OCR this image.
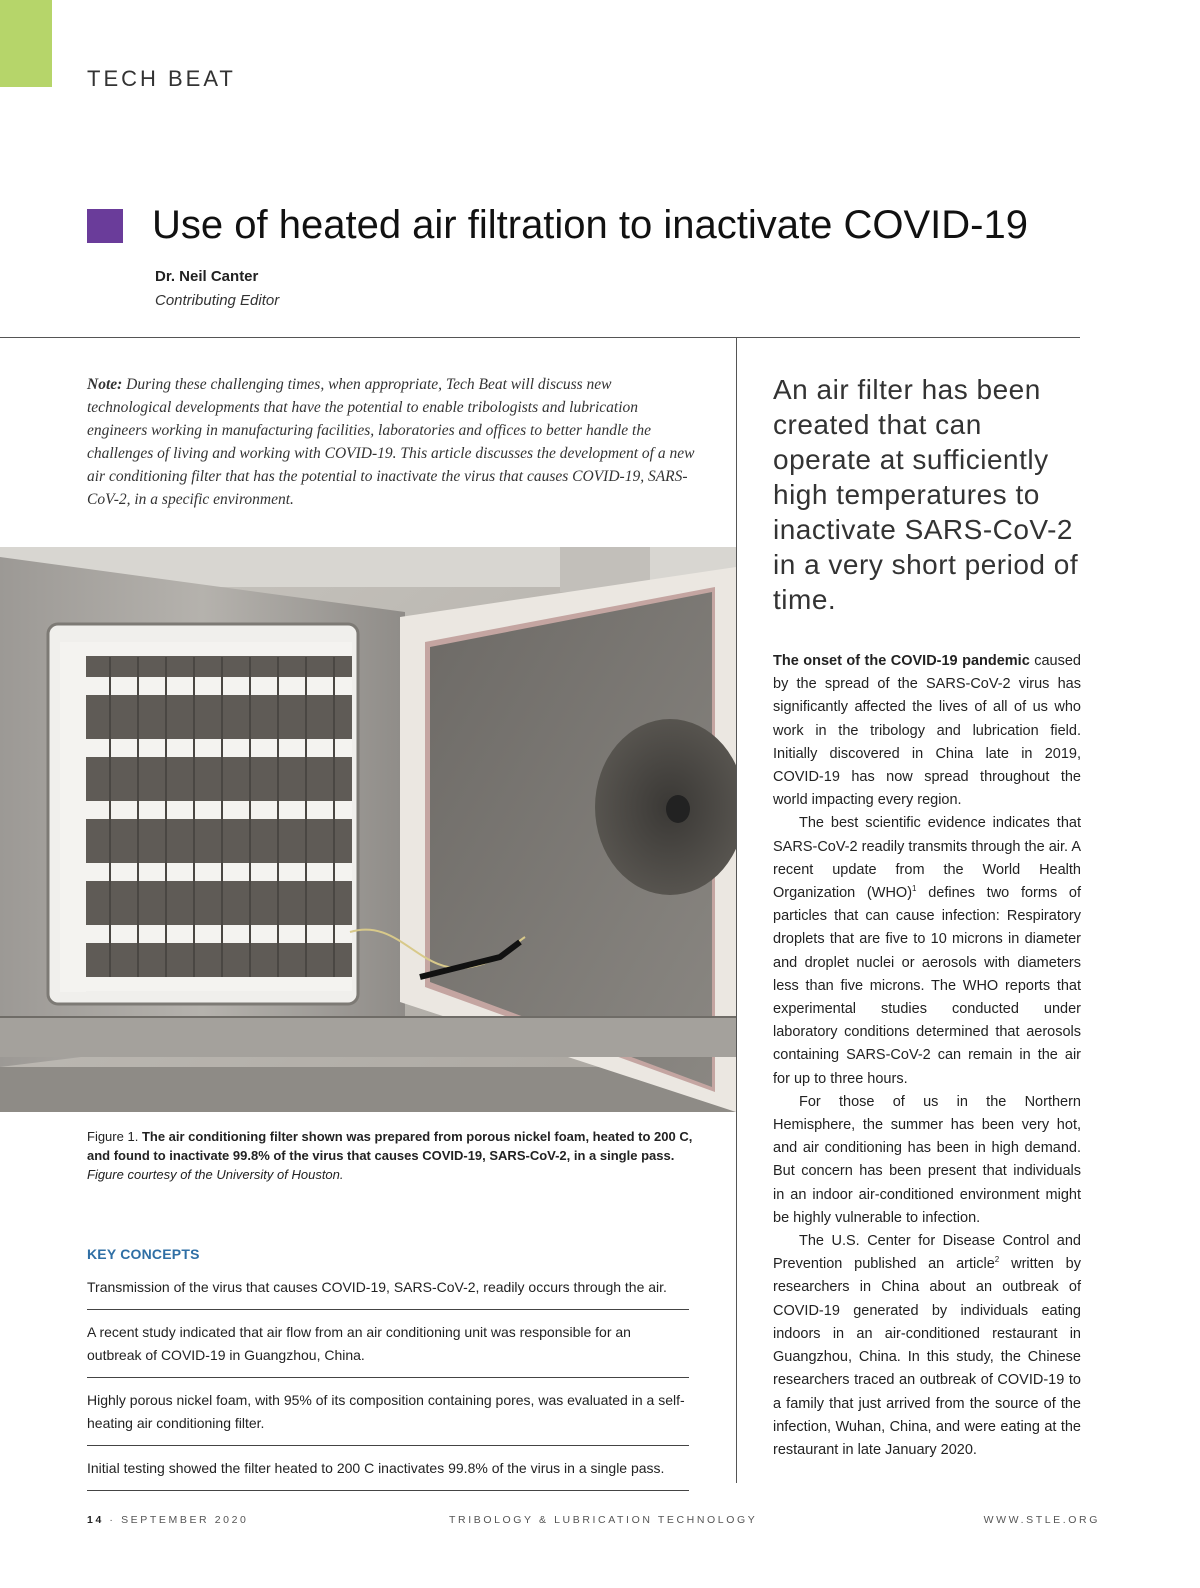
TECH BEAT
Use of heated air filtration to inactivate COVID-19
Dr. Neil Canter
Contributing Editor
Note: During these challenging times, when appropriate, Tech Beat will discuss new technological developments that have the potential to enable tribologists and lubrication engineers working in manufacturing facilities, laboratories and offices to better handle the challenges of living and working with COVID-19. This article discusses the development of a new air conditioning filter that has the potential to inactivate the virus that causes COVID-19, SARS-CoV-2, in a specific environment.
Figure 1. The air conditioning filter shown was prepared from porous nickel foam, heated to 200 C, and found to inactivate 99.8% of the virus that causes COVID-19, SARS-CoV-2, in a single pass. Figure courtesy of the University of Houston.
KEY CONCEPTS
Transmission of the virus that causes COVID-19, SARS-CoV-2, readily occurs through the air.
A recent study indicated that air flow from an air conditioning unit was responsible for an outbreak of COVID-19 in Guangzhou, China.
Highly porous nickel foam, with 95% of its composition containing pores, was evaluated in a self-heating air conditioning filter.
Initial testing showed the filter heated to 200 C inactivates 99.8% of the virus in a single pass.
An air filter has been created that can operate at sufficiently high temperatures to inactivate SARS-CoV-2 in a very short period of time.

The onset of the COVID-19 pandemic caused by the spread of the SARS-CoV-2 virus has significantly affected the lives of all of us who work in the tribology and lubrication field. Initially discovered in China late in 2019, COVID-19 has now spread throughout the world impacting every region.

The best scientific evidence indicates that SARS-CoV-2 readily transmits through the air. A recent update from the World Health Organization (WHO)$^1$ defines two forms of particles that can cause infection: Respiratory droplets that are five to 10 microns in diameter and droplet nuclei or aerosols with diameters less than five microns. The WHO reports that experimental studies conducted under laboratory conditions determined that aerosols containing SARS-CoV-2 can remain in the air for up to three hours.

For those of us in the Northern Hemisphere, the summer has been very hot, and air conditioning has been in high demand. But concern has been present that individuals in an indoor air-conditioned environment might be highly vulnerable to infection.

The U.S. Center for Disease Control and Prevention published an article$^2$ written by researchers in China about an outbreak of COVID-19 generated by individuals eating indoors in an air-conditioned restaurant in Guangzhou, China. In this study, the Chinese researchers traced an outbreak of COVID-19 to a family that just arrived from the source of the infection, Wuhan, China, and were eating at the restaurant in late January 2020.

14 · SEPTEMBER 2020	TRIBOLOGY & LUBRICATION TECHNOLOGY	WWW.STLE.ORG
